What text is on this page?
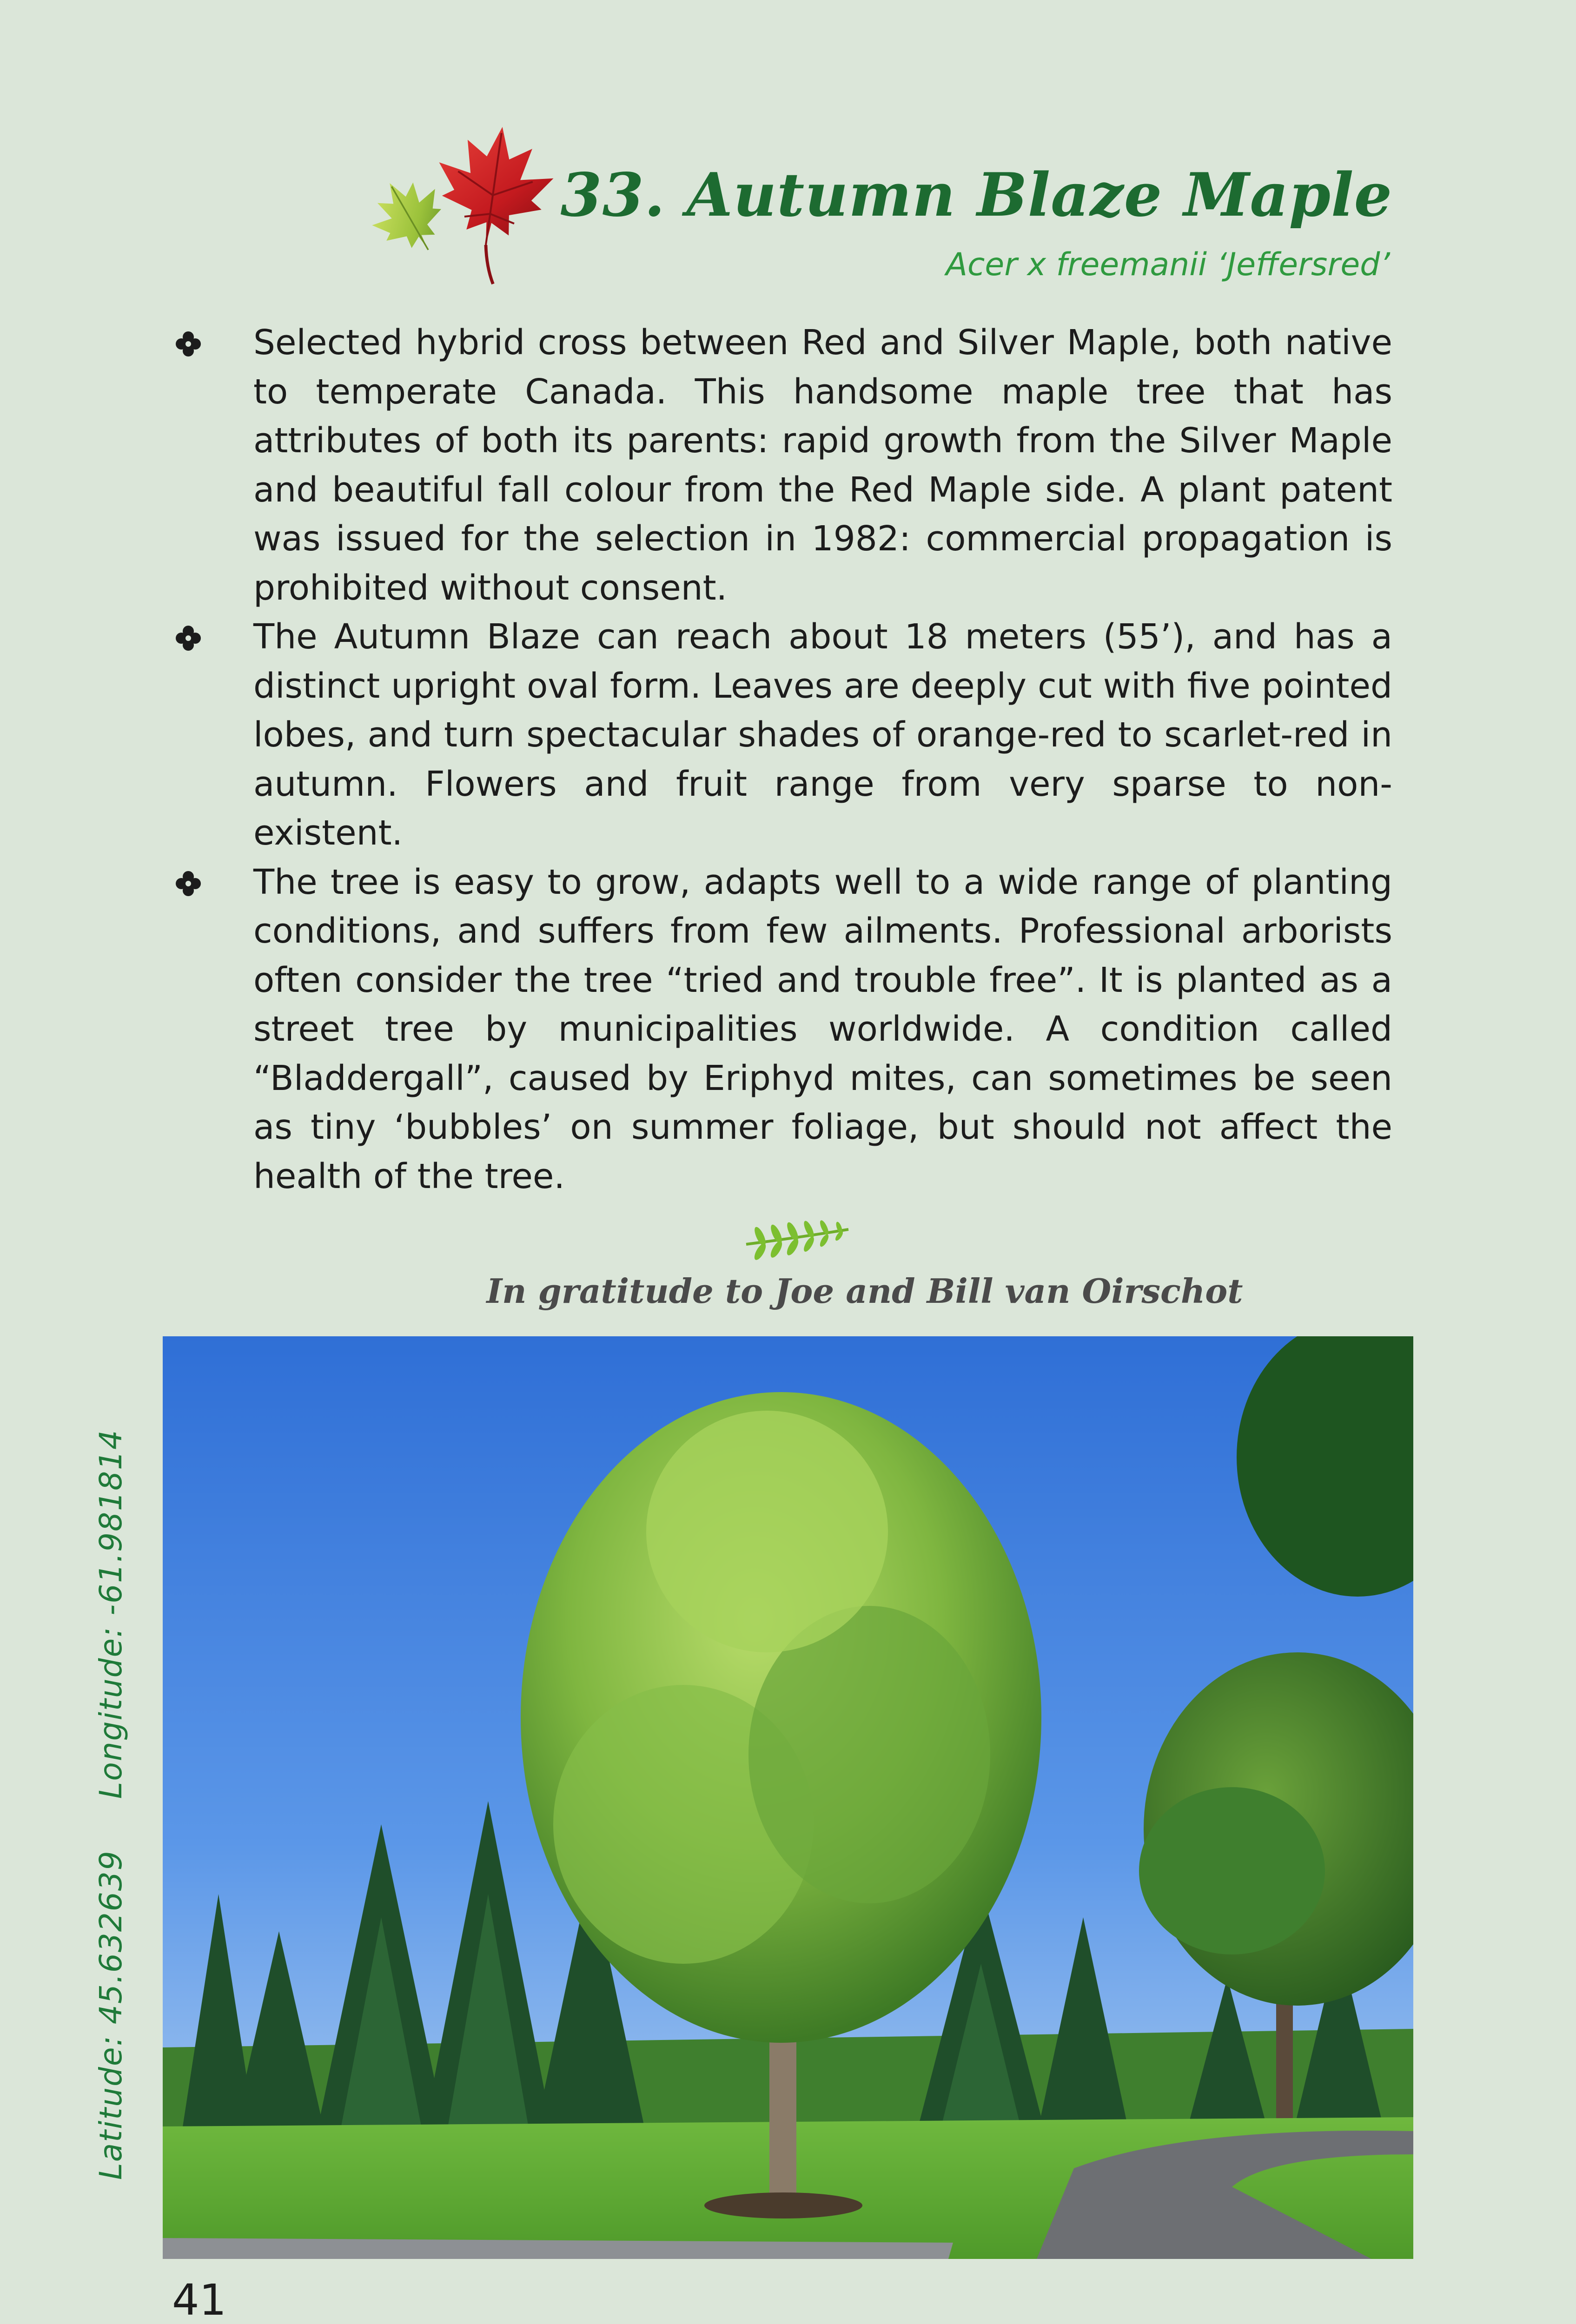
33. Autumn Blaze Maple
Acer x freemanii ‘Jeffersred’
Selected hybrid cross between Red and Silver Maple, both native to temperate Canada. This handsome maple tree that has attributes of both its parents: rapid growth from the Silver Maple and beautiful fall colour from the Red Maple side. A plant patent was issued for the selection in 1982: commercial propagation is prohibited without consent.
The Autumn Blaze can reach about 18 meters (55’), and has a distinct upright oval form. Leaves are deeply cut with five pointed lobes, and turn spectacular shades of orange-red to scarlet-red in autumn. Flowers and fruit range from very sparse to non-existent.
The tree is easy to grow, adapts well to a wide range of planting conditions, and suffers from few ailments. Professional arborists often consider the tree “tried and trouble free”. It is planted as a street tree by municipalities worldwide. A condition called “Bladdergall”, caused by Eriphyd mites, can sometimes be seen as tiny ‘bubbles’ on summer foliage, but should not affect the health of the tree.
In gratitude to Joe and Bill van Oirschot
Latitude: 45.632639Longitude: -61.981814
41
